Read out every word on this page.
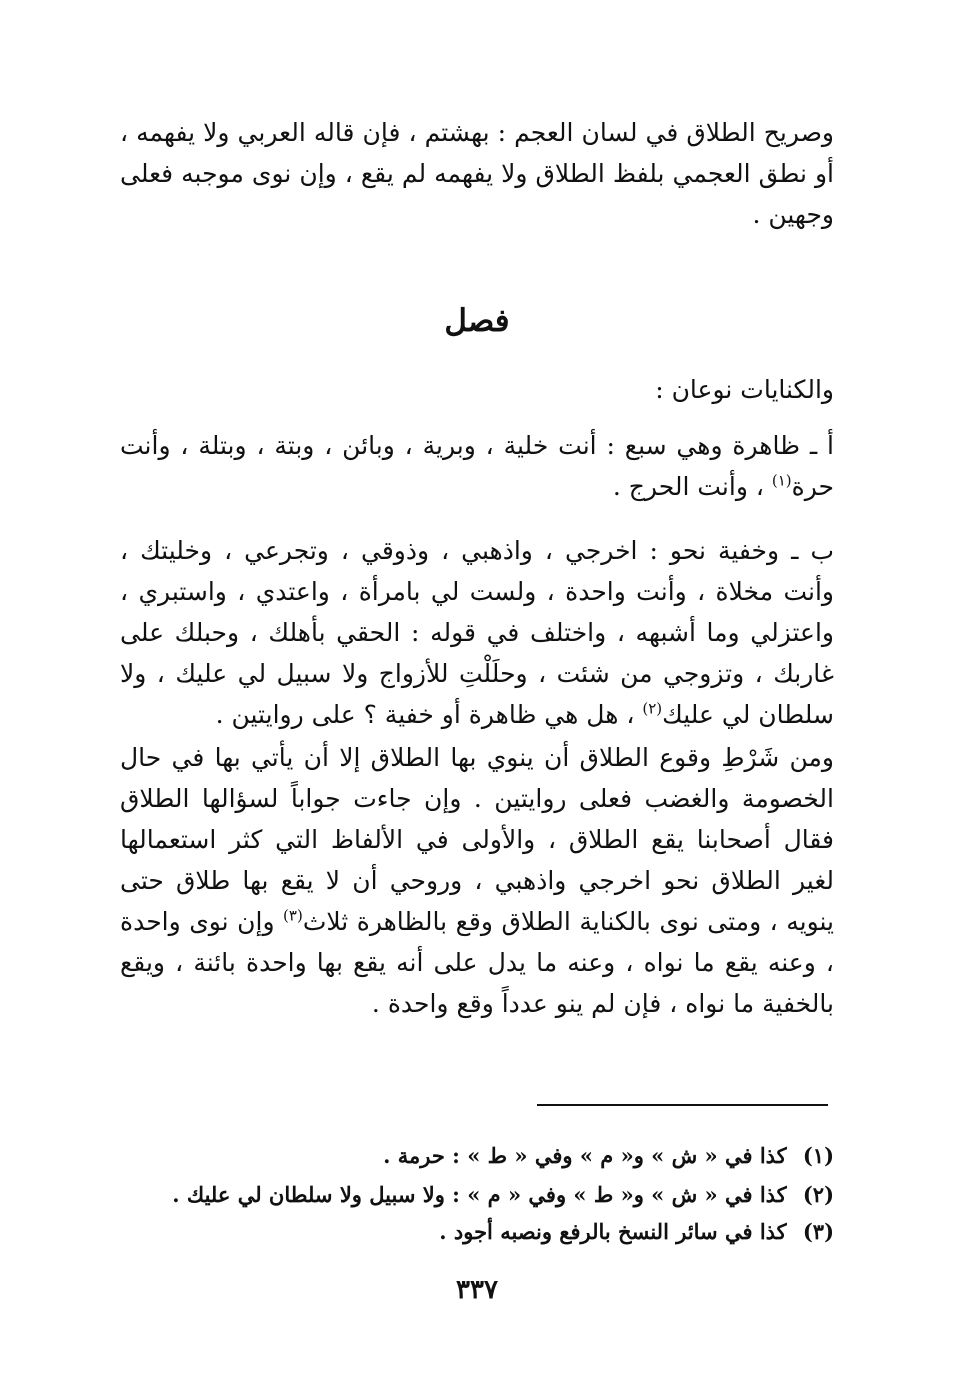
وصريح الطلاق في لسان العجم : بهشتم ، فإن قاله العربي ولا يفهمه ، أو نطق العجمي بلفظ الطلاق ولا يفهمه لم يقع ، وإن نوى موجبه فعلى وجهين .

فصل

والكنايات نوعان :

أ ـ ظاهرة وهي سبع : أنت خلية ، وبرية ، وبائن ، وبتة ، وبتلة ، وأنت حرة$^{(١)}$ ، وأنت الحرج .

ب ـ وخفية نحو : اخرجي ، واذهبي ، وذوقي ، وتجرعي ، وخليتك ، وأنت مخلاة ، وأنت واحدة ، ولست لي بامرأة ، واعتدي ، واستبري ، واعتزلي وما أشبهه ، واختلف في قوله : الحقي بأهلك ، وحبلك على غاربك ، وتزوجي من شئت ، وحلَلْتِ للأزواج ولا سبيل لي عليك ، ولا سلطان لي عليك$^{(٢)}$ ، هل هي ظاهرة أو خفية ؟ على روايتين .

ومن شَرْطِ وقوع الطلاق أن ينوي بها الطلاق إلا أن يأتي بها في حال الخصومة والغضب فعلى روايتين . وإن جاءت جواباً لسؤالها الطلاق فقال أصحابنا يقع الطلاق ، والأولى في الألفاظ التي كثر استعمالها لغير الطلاق نحو اخرجي واذهبي ، وروحي أن لا يقع بها طلاق حتى ينويه ، ومتى نوى بالكناية الطلاق وقع بالظاهرة ثلاث$^{(٣)}$ وإن نوى واحدة ، وعنه يقع ما نواه ، وعنه ما يدل على أنه يقع بها واحدة بائنة ، ويقع بالخفية ما نواه ، فإن لم ينو عدداً وقع واحدة .

(١) كذا في « ش » و« م » وفي « ط » : حرمة .
(٢) كذا في « ش » و« ط » وفي « م » : ولا سبيل ولا سلطان لي عليك .
(٣) كذا في سائر النسخ بالرفع ونصبه أجود .
٣٣٧
